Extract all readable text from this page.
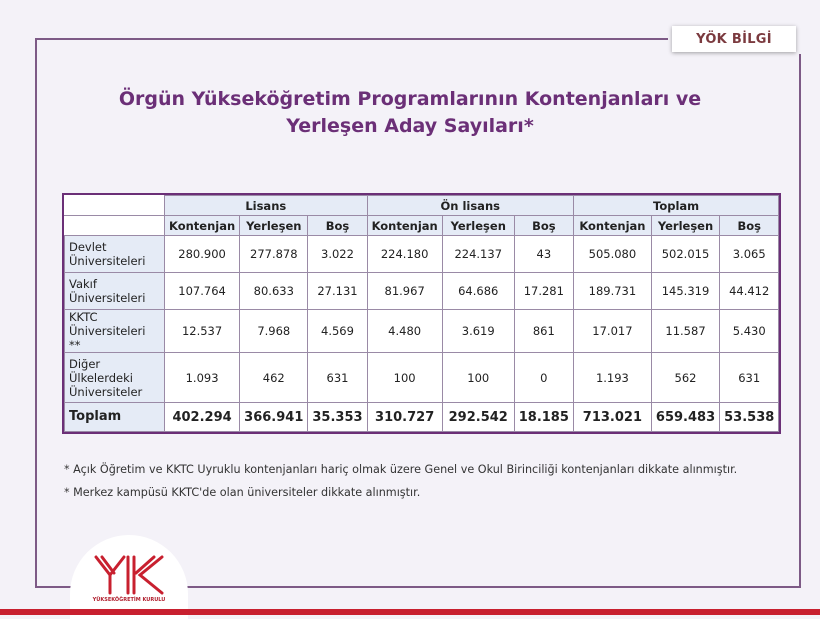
YÖK BİLGİ
Örgün Yükseköğretim Programlarının Kontenjanları ve
Yerleşen Aday Sayıları*
	Lisans			Ön lisans			Toplam		
	Kontenjan	Yerleşen	Boş	Kontenjan	Yerleşen	Boş	Kontenjan	Yerleşen	Boş

Devlet
Üniversiteleri	280.900	277.878	3.022	224.180	224.137	43	505.080	502.015	3.065

Vakıf
Üniversiteleri	107.764	80.633	27.131	81.967	64.686	17.281	189.731	145.319	44.412

KKTC
Üniversiteleri **	12.537	7.968	4.569	4.480	3.619	861	17.017	11.587	5.430

Diğer
Ülkelerdeki
Üniversiteler	1.093	462	631	100	100	0	1.193	562	631
Toplam	402.294	366.941	35.353	310.727	292.542	18.185	713.021	659.483	53.538
* Açık Öğretim ve KKTC Uyruklu kontenjanları hariç olmak üzere Genel ve Okul Birinciliği kontenjanları dikkate alınmıştır.
* Merkez kampüsü KKTC'de olan üniversiteler dikkate alınmıştır.
YÜKSEKÖĞRETİM KURULU
